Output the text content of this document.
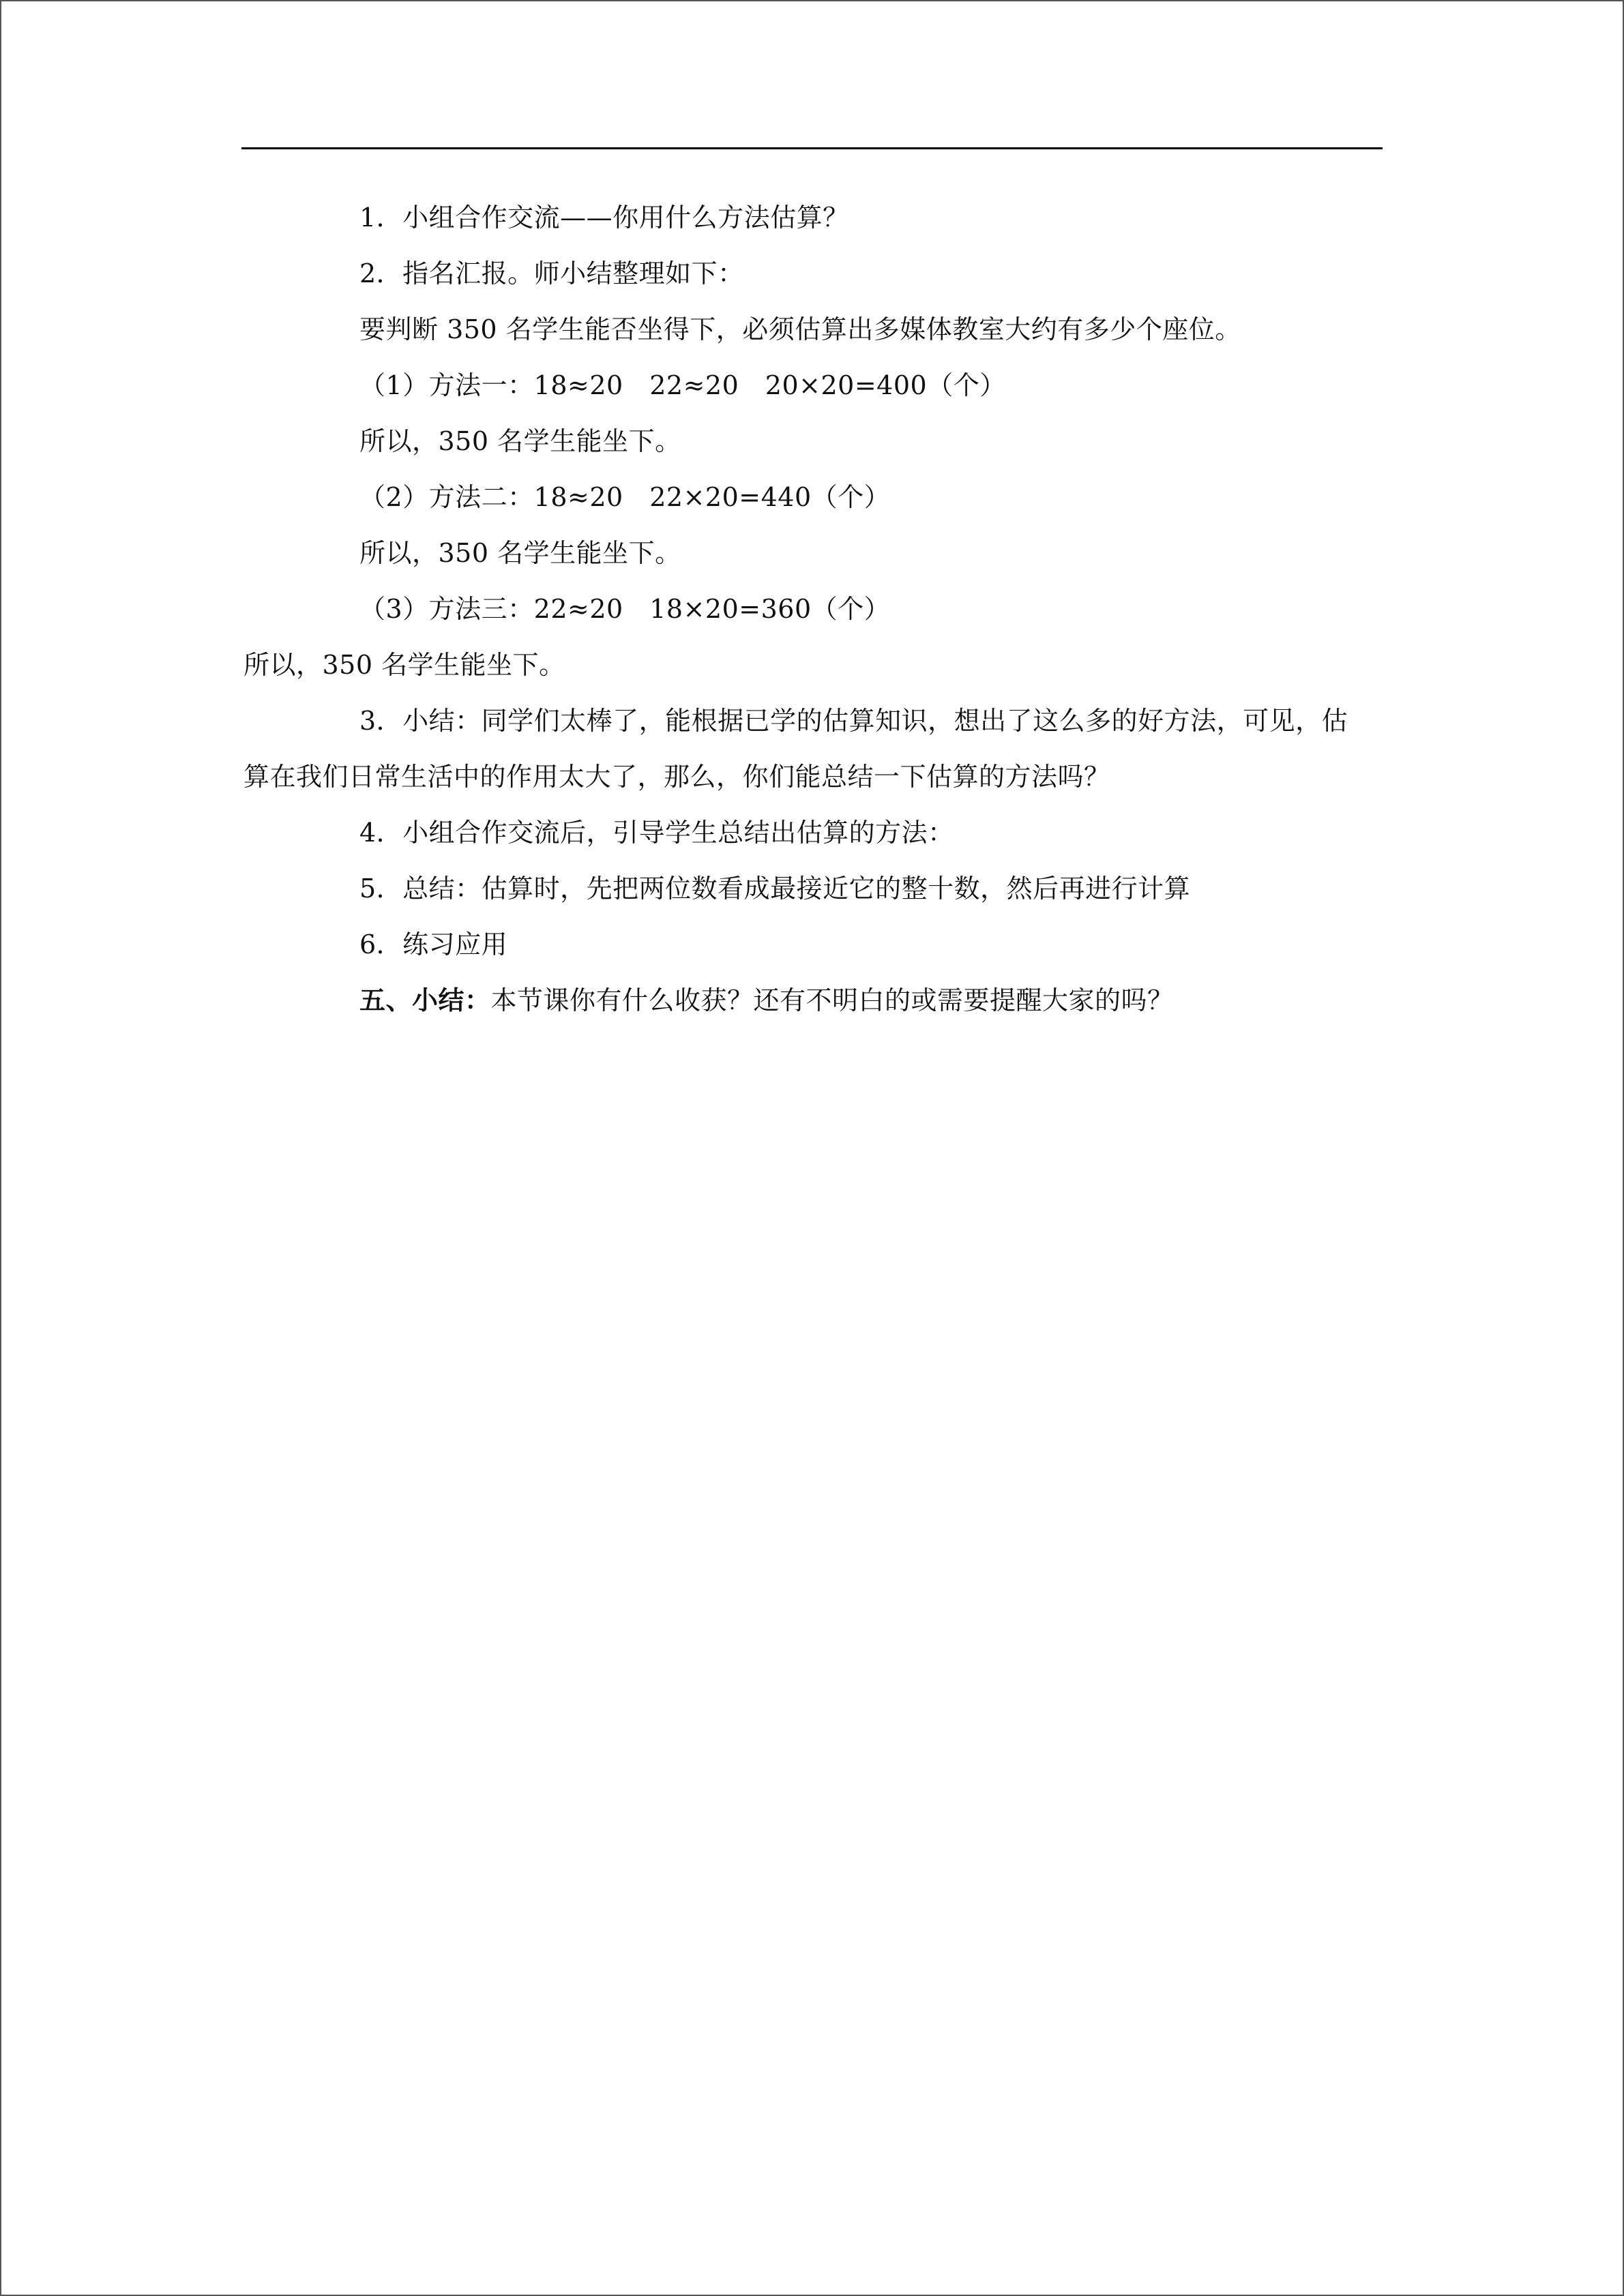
1．小组合作交流——你用什么方法估算？
2．指名汇报。师小结整理如下：
要判断 350 名学生能否坐得下，必须估算出多媒体教室大约有多少个座位。
（1）方法一：18≈20　22≈20　20×20=400（个）
所以，350 名学生能坐下。
（2）方法二：18≈20　22×20=440（个）
所以，350 名学生能坐下。
（3）方法三：22≈20　18×20=360（个）
所以，350 名学生能坐下。
3．小结：同学们太棒了，能根据已学的估算知识，想出了这么多的好方法，可见，估算在我们日常生活中的作用太大了，那么，你们能总结一下估算的方法吗？
4．小组合作交流后，引导学生总结出估算的方法：
5．总结：估算时，先把两位数看成最接近它的整十数，然后再进行计算
6．练习应用
五、小结：本节课你有什么收获？还有不明白的或需要提醒大家的吗？
